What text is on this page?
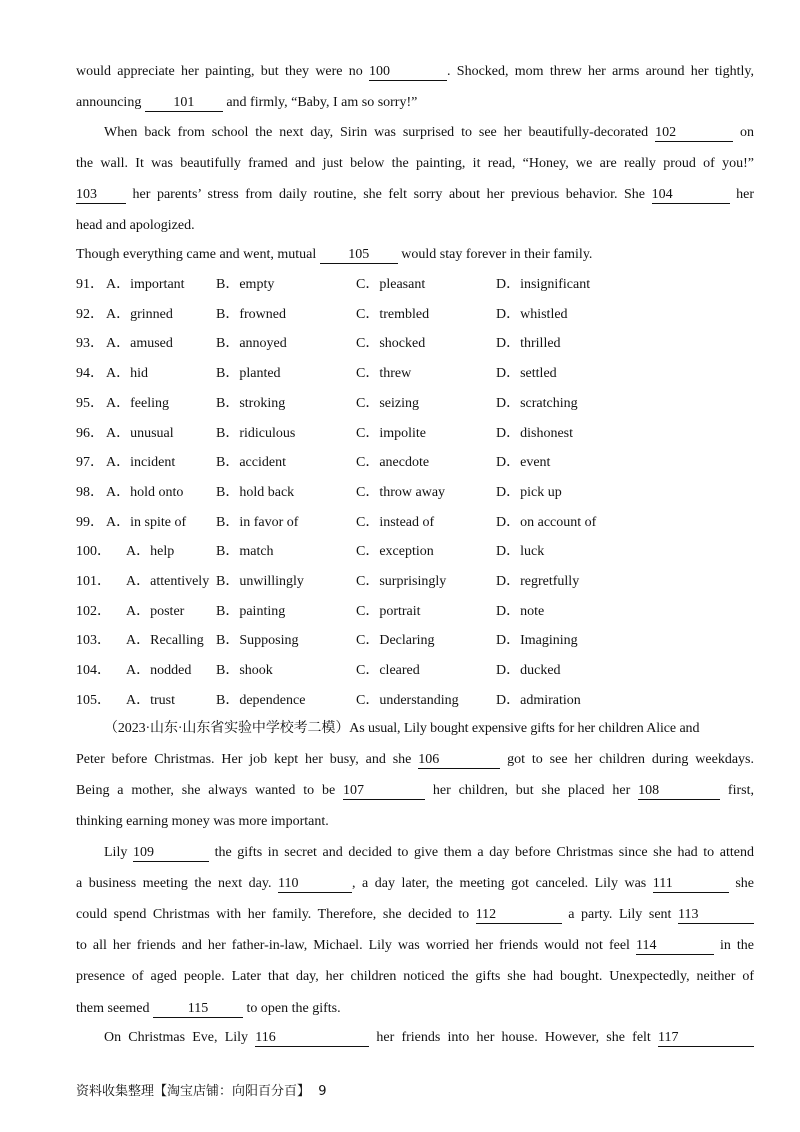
would appreciate her painting, but they were no 100	. Shocked, mom threw her arms around her tightly,
announcing 101 and firmly, “Baby, I am so sorry!”
When back from school the next day, Sirin was surprised to see her beautifully-decorated 102	on
the wall. It was beautifully framed and just below the painting, it read, “Honey, we are really proud of you!”
103 her parents’ stress from daily routine, she felt sorry about her previous behavior. She 104	her
head and apologized.
Though everything came and went, mutual 105 would stay forever in their family.
91． A．important B．empty	C．pleasant	D．insignificant
92． A．grinned	B．frowned	C．trembled	D．whistled
93． A．amused	B．annoyed	C．shocked	D．thrilled
94． A．hid	B．planted	C．threw	D．settled
95． A．feeling	B．stroking	C．seizing	D．scratching
96． A．unusual	B．ridiculous	C．impolite	D．dishonest
97． A．incident	B．accident	C．anecdote	D．event
98． A．hold onto B．hold back	C．throw away	D．pick up
99． A．in spite of B．in favor of	C．instead of	D．on account of
100． A．help	B．match	C．exception	D．luck
101． A．attentively B．unwillingly	C．surprisingly	D．regretfully
102． A．poster B．painting	C．portrait	D．note
103． A．Recalling B．Supposing	C．Declaring	D．Imagining
104． A．nodded B．shook	C．cleared	D．ducked
105． A．trust	B．dependence	C．understanding	D．admiration
（2023·山东·山东省实验中学校考二模）As usual, Lily bought expensive gifts for her children Alice and
Peter before Christmas. Her job kept her busy, and she 106	got to see her children during weekdays.
Being a mother, she always wanted to be 107	her children, but she placed her 108	first,
thinking earning money was more important.
Lily 109	the gifts in secret and decided to give them a day before Christmas since she had to attend
a business meeting the next day. 110	, a day later, the meeting got canceled. Lily was 111	she
could spend Christmas with her family. Therefore, she decided to 112	a party. Lily sent 113
to all her friends and her father-in-law, Michael. Lily was worried her friends would not feel 114	in the
presence of aged people. Later that day, her children noticed the gifts she had bought. Unexpectedly, neither of
them seemed 115 to open the gifts.
On Christmas Eve, Lily 116	her friends into her house. However, she felt 117
资料收集整理【淘宝店铺：向阳百分百】 9
